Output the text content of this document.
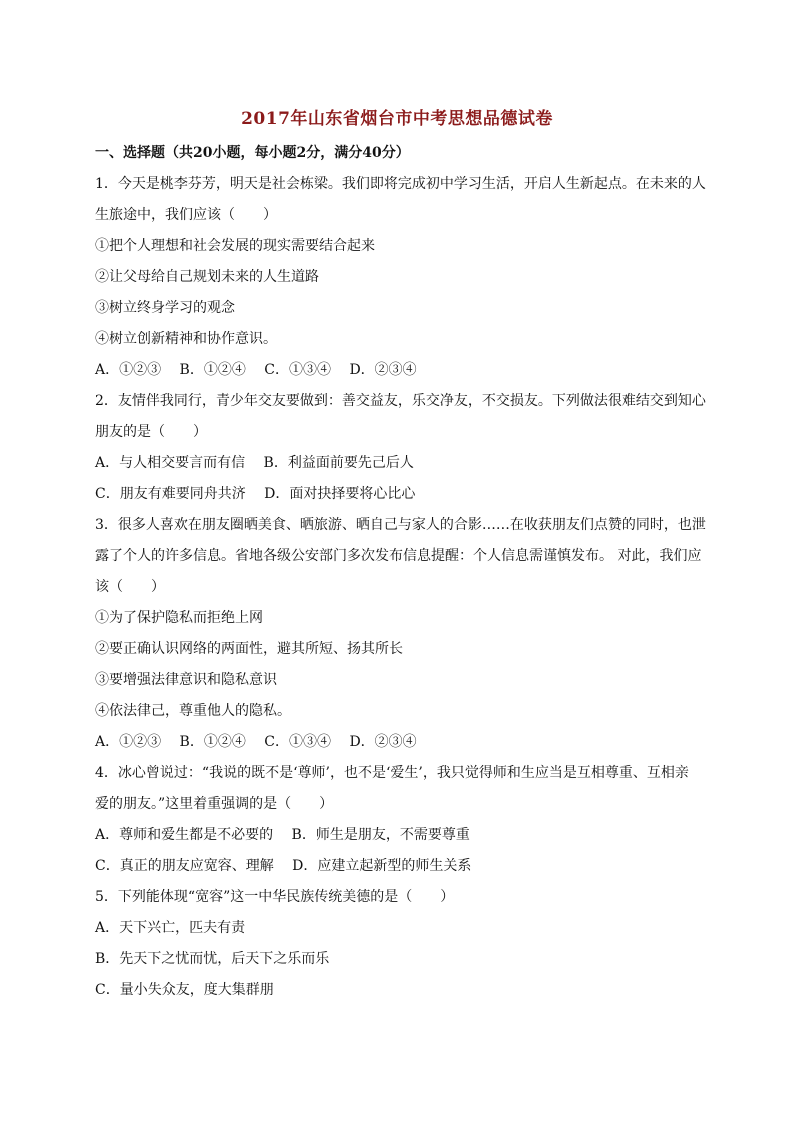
2017年山东省烟台市中考思想品德试卷
一、选择题（共20小题，每小题2分，满分40分）
1．今天是桃李芬芳，明天是社会栋梁。我们即将完成初中学习生活，开启人生新起点。在未来的人
生旅途中，我们应该（　　）
①把个人理想和社会发展的现实需要结合起来
②让父母给自己规划未来的人生道路
③树立终身学习的观念
④树立创新精神和协作意识。
A．①②③　 B．①②④　 C．①③④　 D．②③④
2．友情伴我同行，青少年交友要做到：善交益友，乐交净友，不交损友。下列做法很难结交到知心
朋友的是（　　）
A．与人相交要言而有信　 B．利益面前要先己后人
C．朋友有难要同舟共济　 D．面对抉择要将心比心
3．很多人喜欢在朋友圈晒美食、晒旅游、晒自己与家人的合影……在收获朋友们点赞的同时，也泄
露了个人的许多信息。省地各级公安部门多次发布信息提醒：个人信息需谨慎发布。 对此，我们应
该（　　）
①为了保护隐私而拒绝上网
②要正确认识网络的两面性，避其所短、扬其所长
③要增强法律意识和隐私意识
④依法律己，尊重他人的隐私。
A．①②③　 B．①②④　 C．①③④　 D．②③④
4．冰心曾说过：“我说的既不是‘尊师’，也不是‘爱生’，我只觉得师和生应当是互相尊重、互相亲
爱的朋友。”这里着重强调的是（　　）
A．尊师和爱生都是不必要的　 B．师生是朋友，不需要尊重
C．真正的朋友应宽容、理解　 D．应建立起新型的师生关系
5．下列能体现“宽容”这一中华民族传统美德的是（　　）
A．天下兴亡，匹夫有责
B．先天下之忧而忧，后天下之乐而乐
C．量小失众友，度大集群朋
